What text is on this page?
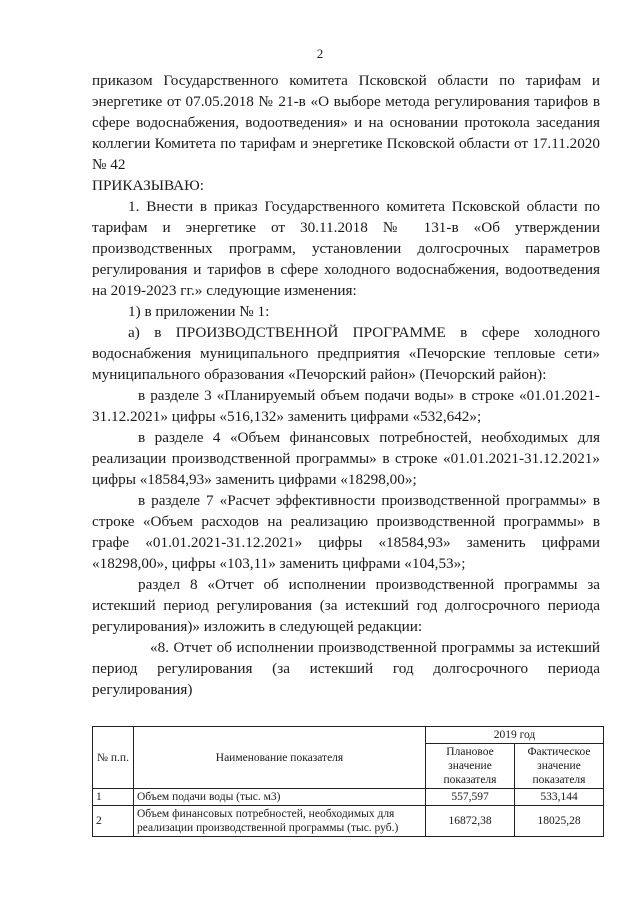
2

приказом Государственного комитета Псковской области по тарифам и энергетике от 07.05.2018 № 21-в «О выборе метода регулирования тарифов в сфере водоснабжения, водоотведения» и на основании протокола заседания коллегии Комитета по тарифам и энергетике Псковской области от 17.11.2020 № 42

ПРИКАЗЫВАЮ:

1. Внести в приказ Государственного комитета Псковской области по тарифам и энергетике от 30.11.2018 № 131-в «Об утверждении производственных программ, установлении долгосрочных параметров регулирования и тарифов в сфере холодного водоснабжения, водоотведения на 2019-2023 гг.» следующие изменения:

1) в приложении № 1:

а) в ПРОИЗВОДСТВЕННОЙ ПРОГРАММЕ в сфере холодного водоснабжения муниципального предприятия «Печорские тепловые сети» муниципального образования «Печорский район» (Печорский район):

в разделе 3 «Планируемый объем подачи воды» в строке «01.01.2021-31.12.2021» цифры «516,132» заменить цифрами «532,642»;

в разделе 4 «Объем финансовых потребностей, необходимых для реализации производственной программы» в строке «01.01.2021-31.12.2021» цифры «18584,93» заменить цифрами «18298,00»;

в разделе 7 «Расчет эффективности производственной программы» в строке «Объем расходов на реализацию производственной программы» в графе «01.01.2021-31.12.2021» цифры «18584,93» заменить цифрами «18298,00», цифры «103,11» заменить цифрами «104,53»;

раздел 8 «Отчет об исполнении производственной программы за истекший период регулирования (за истекший год долгосрочного периода регулирования)» изложить в следующей редакции:

«8. Отчет об исполнении производственной программы за истекший период регулирования (за истекший год долгосрочного периода регулирования)

№ п.п.	Наименование показателя	2019 год	
		Плановое значение показателя	Фактическое значение показателя
1	Объем подачи воды (тыс. м3)	557,597	533,144
2	Объем финансовых потребностей, необходимых для реализации производственной программы (тыс. руб.)	16872,38	18025,28
